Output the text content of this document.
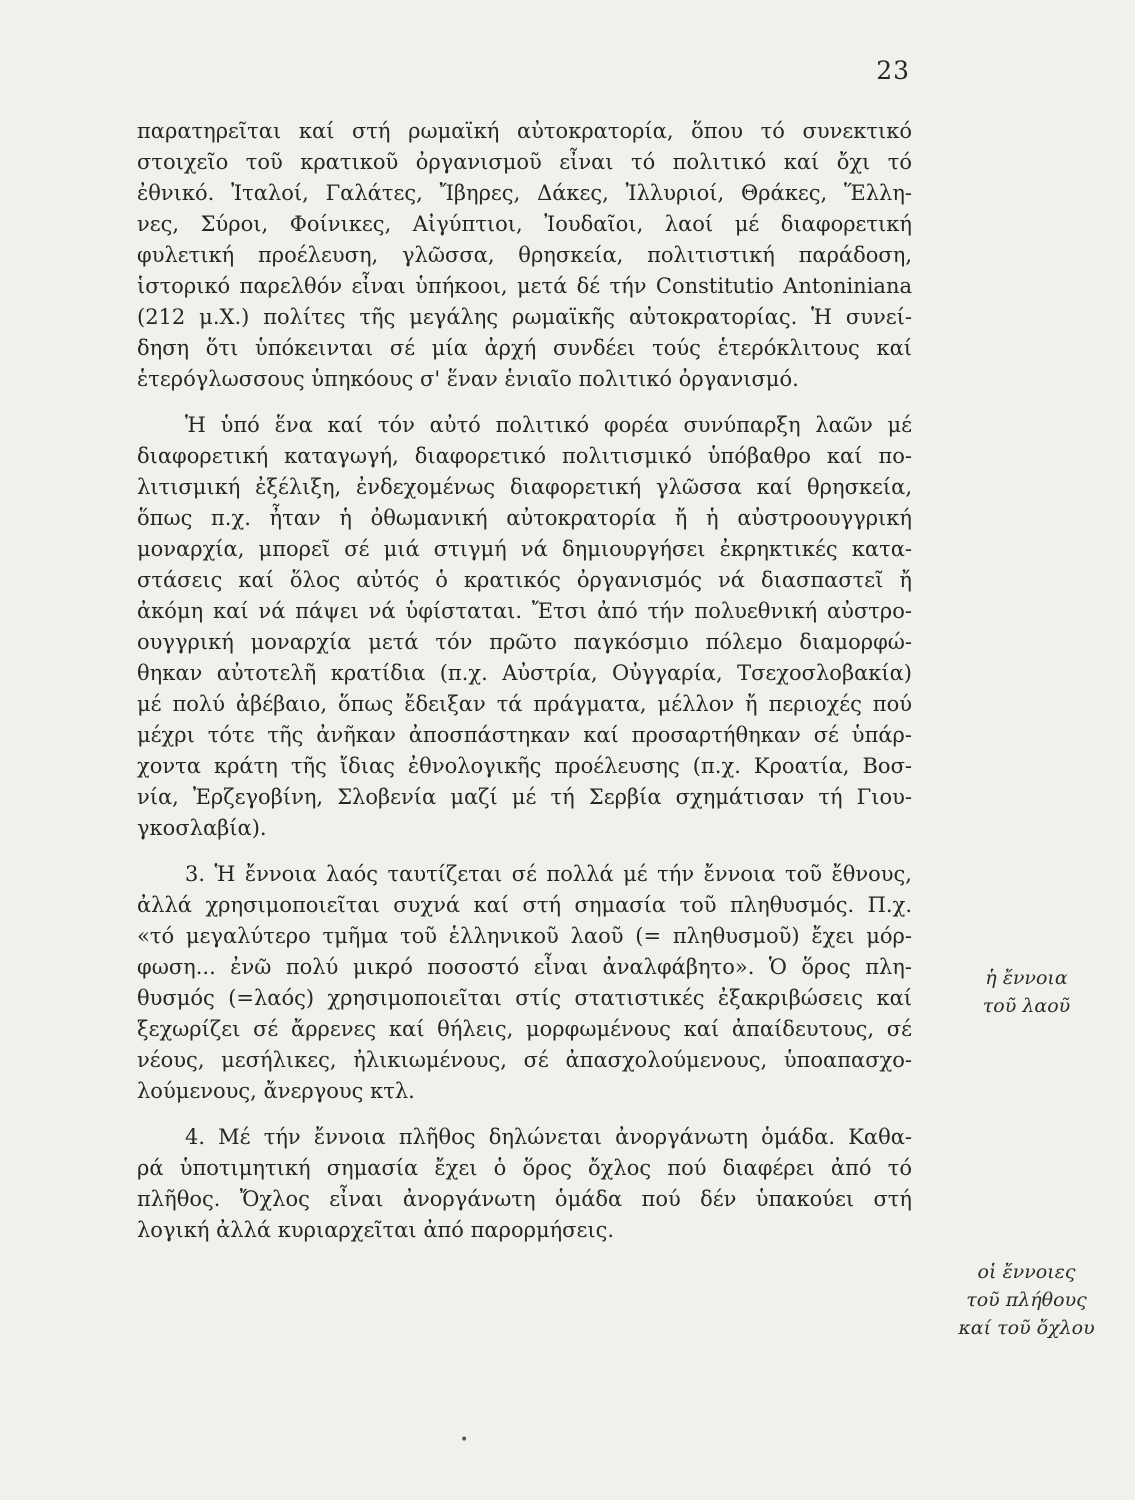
23
παρατηρεῖται καί στή ρωμαϊκή αὐτοκρατορία, ὅπου τό συνεκτικό
στοιχεῖο τοῦ κρατικοῦ ὀργανισμοῦ εἶναι τό πολιτικό καί ὄχι τό
ἐθνικό. Ἰταλοί, Γαλάτες, Ἴβηρες, Δάκες, Ἰλλυριοί, Θράκες, Ἕλλη-
νες, Σύροι, Φοίνικες, Αἰγύπτιοι, Ἰουδαῖοι, λαοί μέ διαφορετική
φυλετική προέλευση, γλῶσσα, θρησκεία, πολιτιστική παράδοση,
ἱστορικό παρελθόν εἶναι ὑπήκοοι, μετά δέ τήν Constitutio Antoniniana
(212 μ.Χ.) πολίτες τῆς μεγάλης ρωμαϊκῆς αὐτοκρατορίας. Ἡ συνεί-
δηση ὅτι ὑπόκεινται σέ μία ἀρχή συνδέει τούς ἑτερόκλιτους καί
ἑτερόγλωσσους ὑπηκόους σ' ἕναν ἑνιαῖο πολιτικό ὀργανισμό.
Ἡ ὑπό ἕνα καί τόν αὐτό πολιτικό φορέα συνύπαρξη λαῶν μέ
διαφορετική καταγωγή, διαφορετικό πολιτισμικό ὑπόβαθρο καί πο-
λιτισμική ἐξέλιξη, ἐνδεχομένως διαφορετική γλῶσσα καί θρησκεία,
ὅπως π.χ. ἦταν ἡ ὀθωμανική αὐτοκρατορία ἤ ἡ αὐστροουγγρική
μοναρχία, μπορεῖ σέ μιά στιγμή νά δημιουργήσει ἐκρηκτικές κατα-
στάσεις καί ὅλος αὐτός ὁ κρατικός ὀργανισμός νά διασπαστεῖ ἤ
ἀκόμη καί νά πάψει νά ὑφίσταται. Ἔτσι ἀπό τήν πολυεθνική αὐστρο-
ουγγρική μοναρχία μετά τόν πρῶτο παγκόσμιο πόλεμο διαμορφώ-
θηκαν αὐτοτελῆ κρατίδια (π.χ. Αὐστρία, Οὐγγαρία, Τσεχοσλοβακία)
μέ πολύ ἀβέβαιο, ὅπως ἔδειξαν τά πράγματα, μέλλον ἤ περιοχές πού
μέχρι τότε τῆς ἀνῆκαν ἀποσπάστηκαν καί προσαρτήθηκαν σέ ὑπάρ-
χοντα κράτη τῆς ἴδιας ἐθνολογικῆς προέλευσης (π.χ. Κροατία, Βοσ-
νία, Ἐρζεγοβίνη, Σλοβενία μαζί μέ τή Σερβία σχημάτισαν τή Γιου-
γκοσλαβία).
3. Ἡ ἔννοια λαός ταυτίζεται σέ πολλά μέ τήν ἔννοια τοῦ ἔθνους,
ἀλλά χρησιμοποιεῖται συχνά καί στή σημασία τοῦ πληθυσμός. Π.χ.
«τό μεγαλύτερο τμῆμα τοῦ ἑλληνικοῦ λαοῦ (= πληθυσμοῦ) ἔχει μόρ-
φωση... ἐνῶ πολύ μικρό ποσοστό εἶναι ἀναλφάβητο». Ὁ ὅρος πλη-
θυσμός (=λαός) χρησιμοποιεῖται στίς στατιστικές ἐξακριβώσεις καί
ξεχωρίζει σέ ἄρρενες καί θήλεις, μορφωμένους καί ἀπαίδευτους, σέ
νέους, μεσήλικες, ἠλικιωμένους, σέ ἀπασχολούμενους, ὑποαπασχο-
λούμενους, ἄνεργους κτλ.
4. Μέ τήν ἔννοια πλῆθος δηλώνεται ἀνοργάνωτη ὁμάδα. Καθα-
ρά ὑποτιμητική σημασία ἔχει ὁ ὅρος ὄχλος πού διαφέρει ἀπό τό
πλῆθος. Ὄχλος εἶναι ἀνοργάνωτη ὁμάδα πού δέν ὑπακούει στή
λογική ἀλλά κυριαρχεῖται ἀπό παρορμήσεις.
ἡ ἔννοια
τοῦ λαοῦ
οἱ ἔννοιες
τοῦ πλήθους
καί τοῦ ὄχλου
•
